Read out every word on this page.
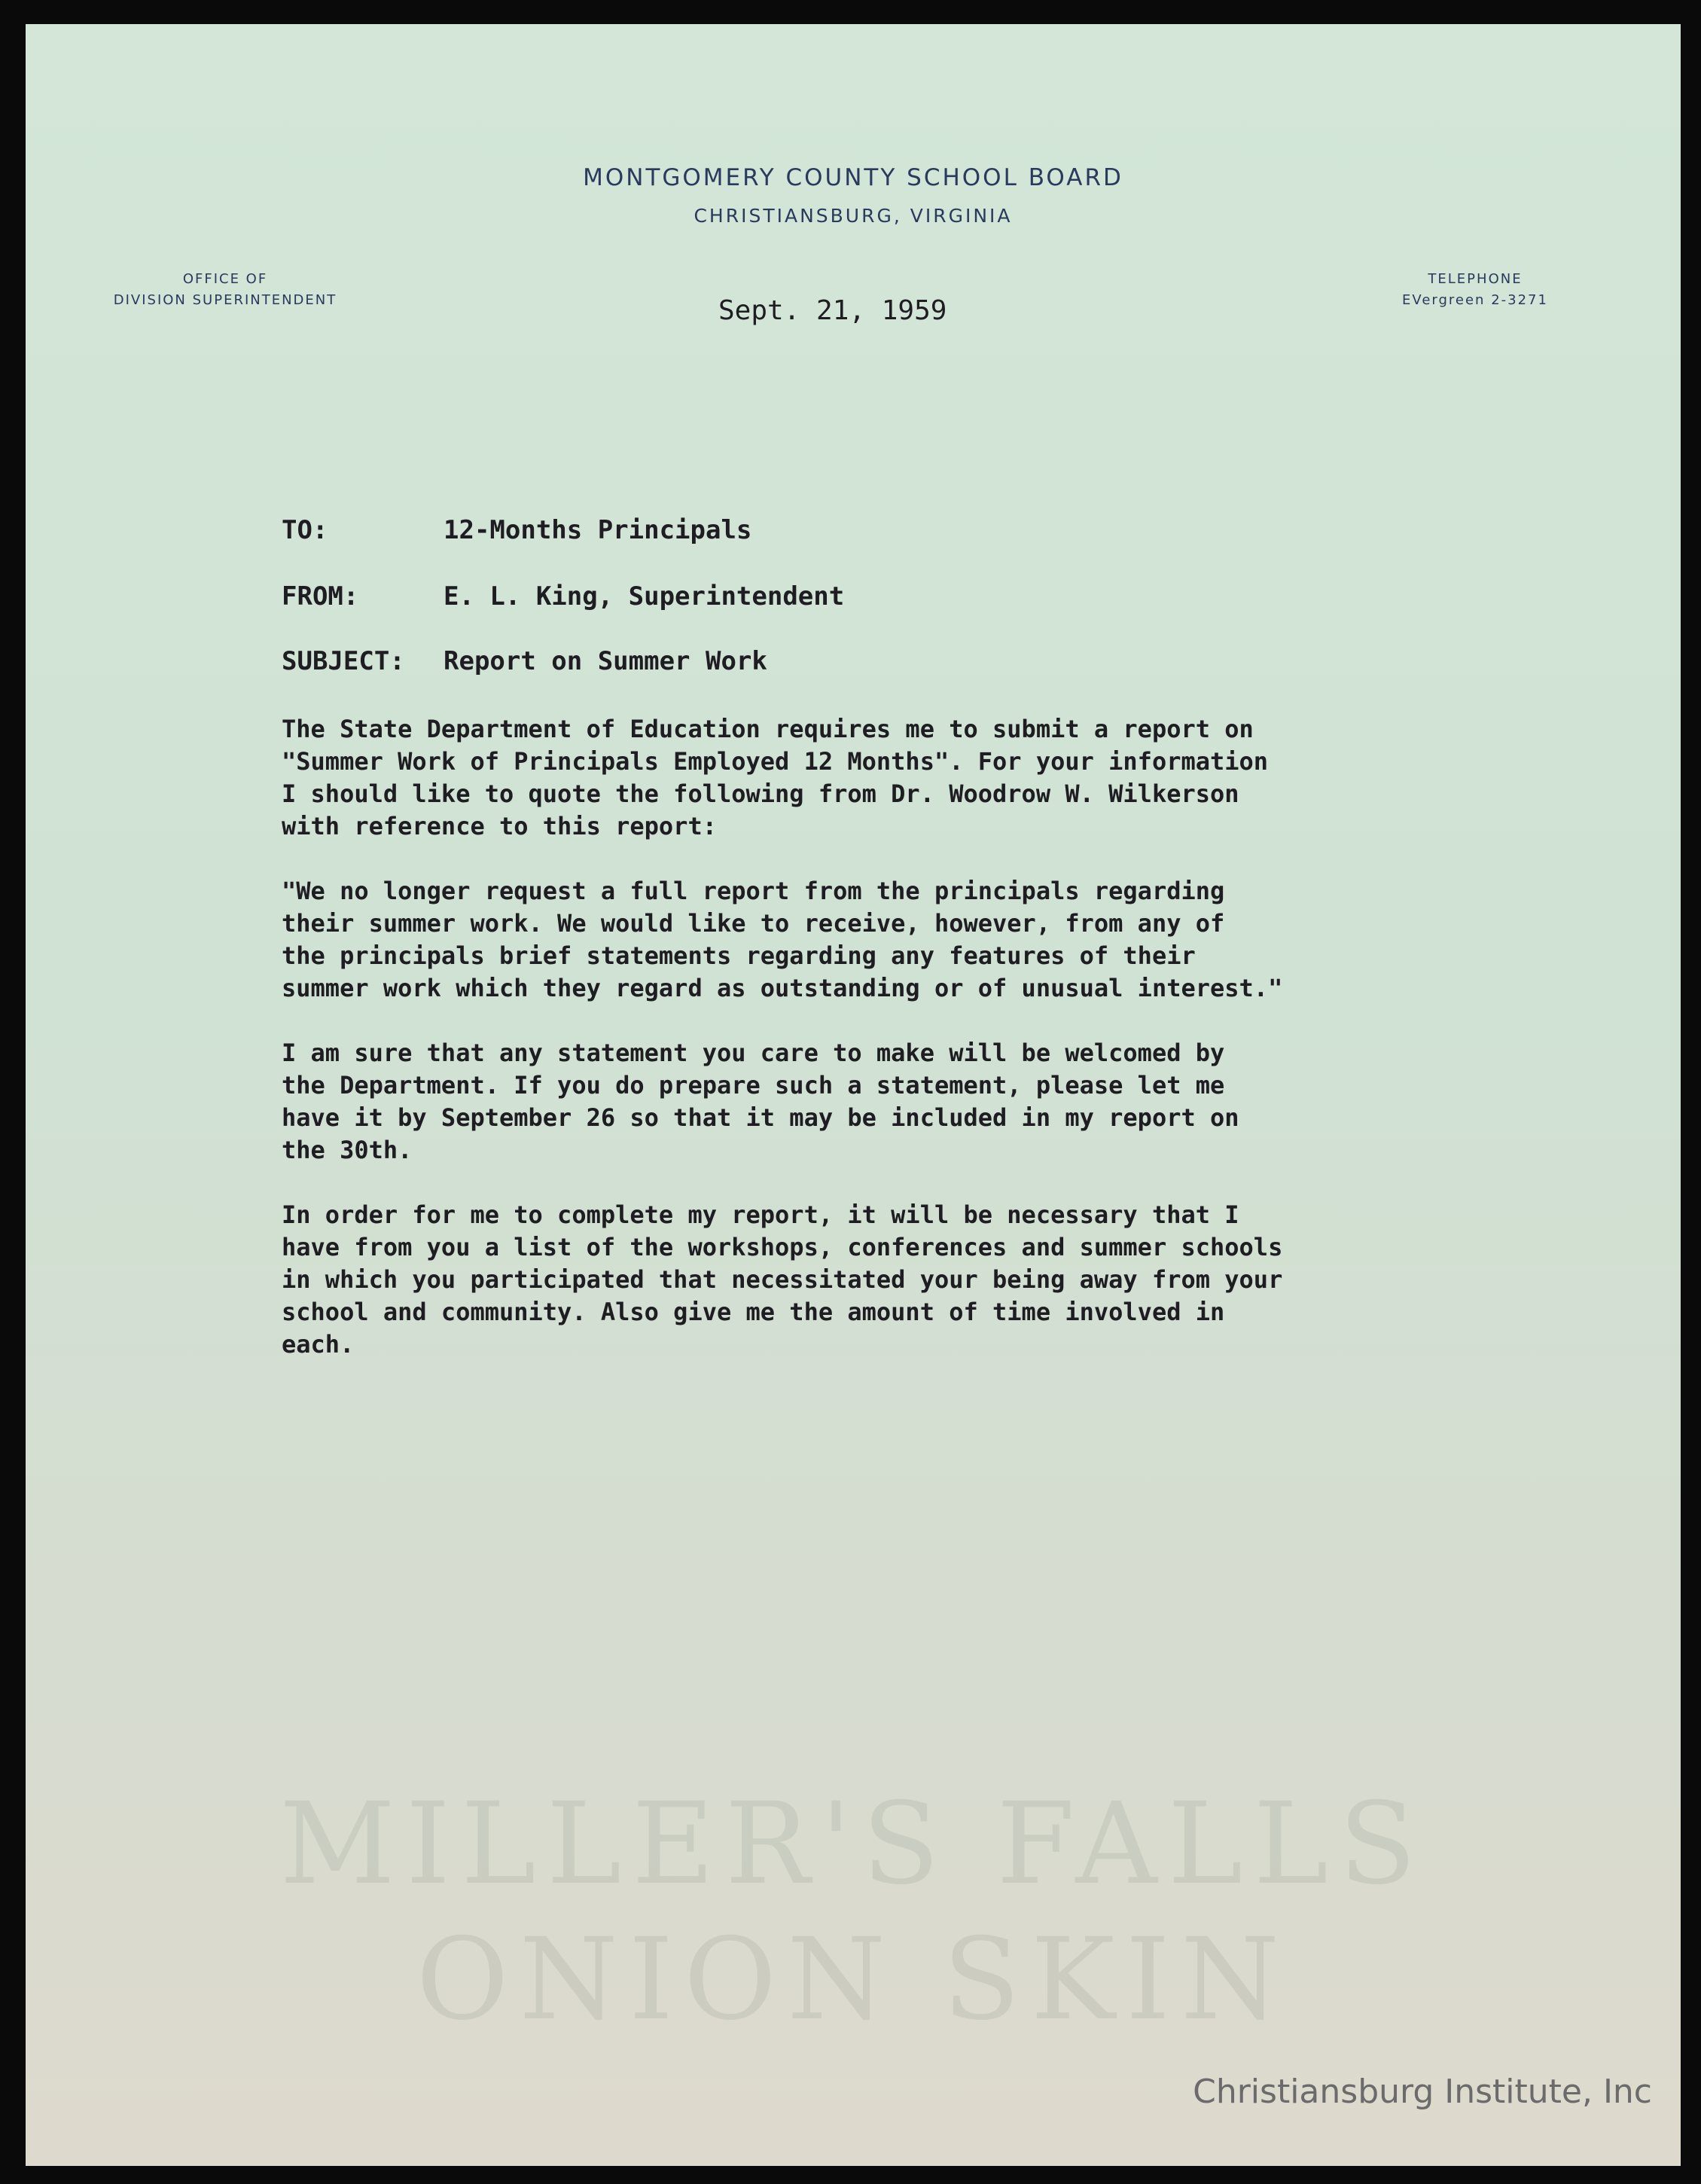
MONTGOMERY COUNTY SCHOOL BOARD
CHRISTIANSBURG, VIRGINIA
OFFICE OF
DIVISION SUPERINTENDENT
TELEPHONE
EVergreen 2-3271
Sept. 21, 1959
TO:	12-Months Principals
FROM:	E. L. King, Superintendent
SUBJECT: Report on Summer Work
The State Department of Education requires me to submit a report on
"Summer Work of Principals Employed 12 Months". For your information
I should like to quote the following from Dr. Woodrow W. Wilkerson
with reference to this report:
"We no longer request a full report from the principals regarding
their summer work. We would like to receive, however, from any of
the principals brief statements regarding any features of their
summer work which they regard as outstanding or of unusual interest."
I am sure that any statement you care to make will be welcomed by
the Department. If you do prepare such a statement, please let me
have it by September 26 so that it may be included in my report on
the 30th.
In order for me to complete my report, it will be necessary that I
have from you a list of the workshops, conferences and summer schools
in which you participated that necessitated your being away from your
school and community. Also give me the amount of time involved in
each.
MILLER'S FALLS
ONION SKIN
Christiansburg Institute, Inc
